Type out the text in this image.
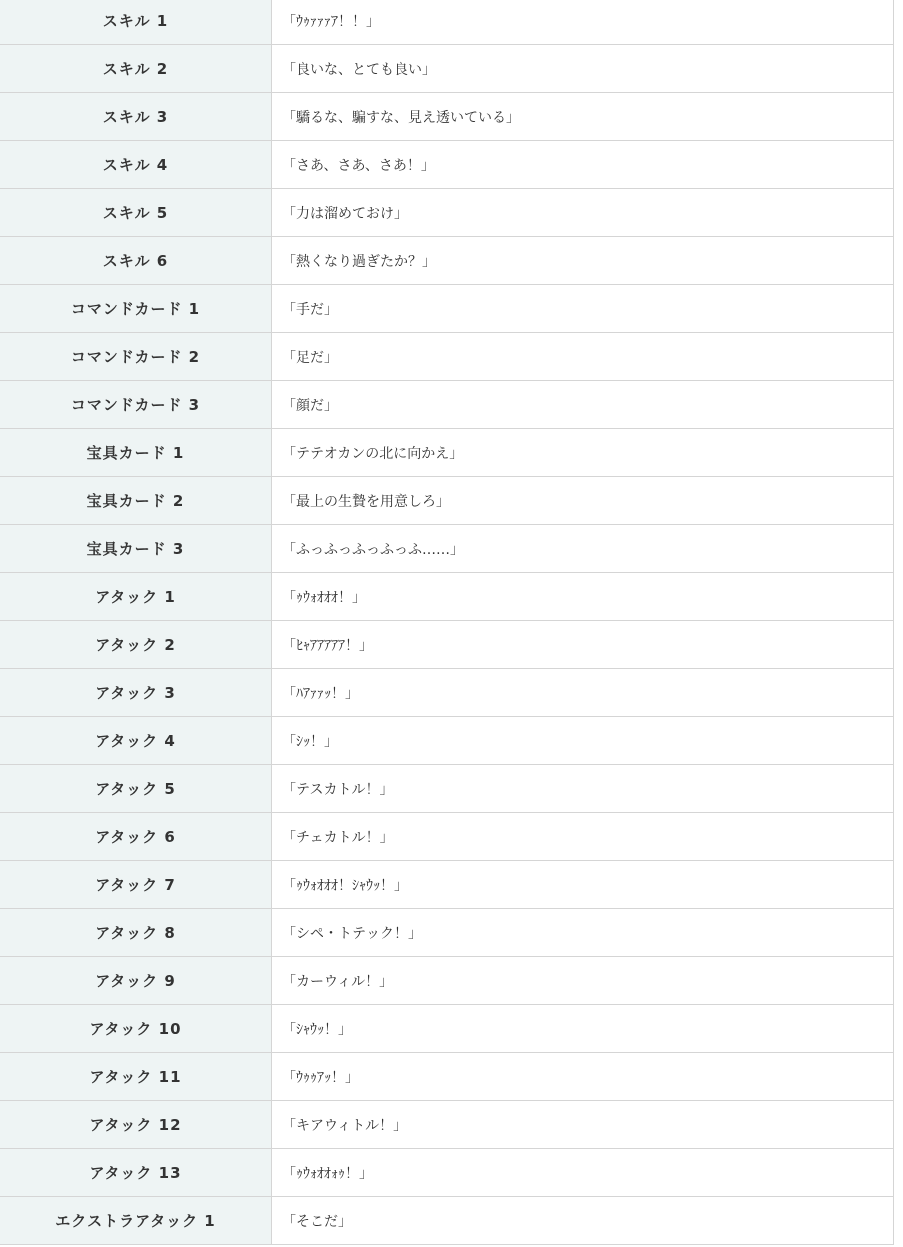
スキル 1	「ｳｩｧｧｧｱ！！」
スキル 2	「良いな、とても良い」
スキル 3	「驕るな、騙すな、見え透いている」
スキル 4	「さあ、さあ、さあ！」
スキル 5	「力は溜めておけ」
スキル 6	「熱くなり過ぎたか？」
コマンドカード 1	「手だ」
コマンドカード 2	「足だ」
コマンドカード 3	「顔だ」
宝具カード 1	「テテオカンの北に向かえ」
宝具カード 2	「最上の生贄を用意しろ」
宝具カード 3	「ふっふっふっふっふ……」
アタック 1	「ｩｳｫｵｵｵ！」
アタック 2	「ﾋｬｱｱｱｱｱ！」
アタック 3	「ﾊｱｧｧｯ！」
アタック 4	「ｼｯ！」
アタック 5	「テスカトル！」
アタック 6	「チェカトル！」
アタック 7	「ｩｳｫｵｵｵ！ｼｬｳｯ！」
アタック 8	「シペ・トテック！」
アタック 9	「カーウィル！」
アタック 10	「ｼｬｳｯ！」
アタック 11	「ｳｩｩｱｯ！」
アタック 12	「キアウィトル！」
アタック 13	「ｩｳｫｵｵｫｩ！」
エクストラアタック 1	「そこだ」
